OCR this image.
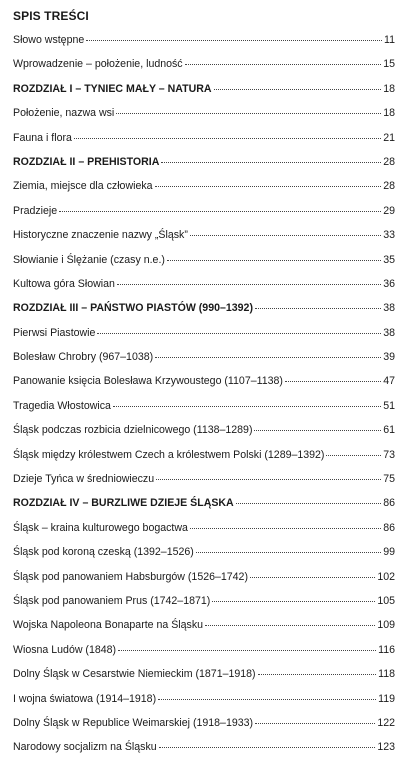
SPIS TREŚCI
Słowo wstępne	11
Wprowadzenie – położenie, ludność	15
ROZDZIAŁ I – TYNIEC MAŁY – NATURA	18
Położenie, nazwa wsi	18
Fauna i flora	21
ROZDZIAŁ II – PREHISTORIA	28
Ziemia, miejsce dla człowieka	28
Pradzieje	29
Historyczne znaczenie nazwy „Śląsk”	33
Słowianie i Ślężanie (czasy n.e.)	35
Kultowa góra Słowian	36
ROZDZIAŁ III – PAŃSTWO PIASTÓW (990–1392)	38
Pierwsi Piastowie	38
Bolesław Chrobry (967–1038)	39
Panowanie księcia Bolesława Krzywoustego (1107–1138)	47
Tragedia Włostowica	51
Śląsk podczas rozbicia dzielnicowego (1138–1289)	61
Śląsk między królestwem Czech a królestwem Polski (1289–1392)	73
Dzieje Tyńca w średniowieczu	75
ROZDZIAŁ IV – BURZLIWE DZIEJE ŚLĄSKA	86
Śląsk – kraina kulturowego bogactwa	86
Śląsk pod koroną czeską (1392–1526)	99
Śląsk pod panowaniem Habsburgów (1526–1742)	102
Śląsk pod panowaniem Prus (1742–1871)	105
Wojska Napoleona Bonaparte na Śląsku	109
Wiosna Ludów (1848)	116
Dolny Śląsk w Cesarstwie Niemieckim (1871–1918)	118
I wojna światowa (1914–1918)	119
Dolny Śląsk w Republice Weimarskiej (1918–1933)	122
Narodowy socjalizm na Śląsku	123
